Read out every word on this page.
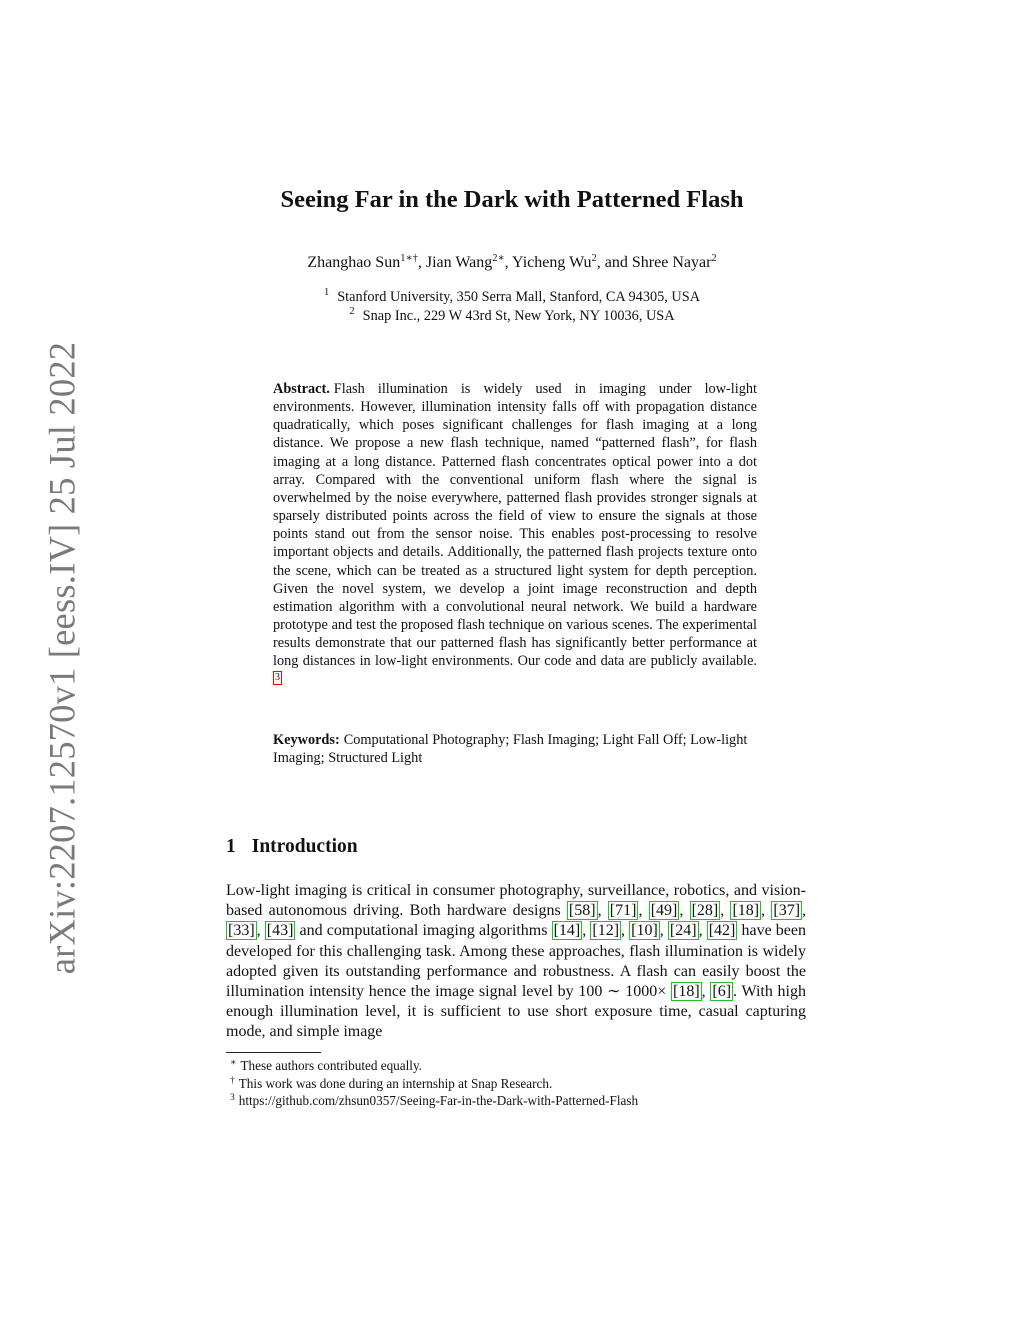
arXiv:2207.12570v1 [eess.IV] 25 Jul 2022
Seeing Far in the Dark with Patterned Flash
Zhanghao Sun$^{1∗\dagger}$, Jian Wang$^{2∗}$, Yicheng Wu$^2$, and Shree Nayar$^2$
$^1$ Stanford University, 350 Serra Mall, Stanford, CA 94305, USA
$^2$ Snap Inc., 229 W 43rd St, New York, NY 10036, USA
Abstract. Flash illumination is widely used in imaging under low-light environments. However, illumination intensity falls off with propagation distance quadratically, which poses significant challenges for flash imaging at a long distance. We propose a new flash technique, named “patterned flash”, for flash imaging at a long distance. Patterned flash concentrates optical power into a dot array. Compared with the conventional uniform flash where the signal is overwhelmed by the noise everywhere, patterned flash provides stronger signals at sparsely distributed points across the field of view to ensure the signals at those points stand out from the sensor noise. This enables post-processing to resolve important objects and details. Additionally, the patterned flash projects texture onto the scene, which can be treated as a structured light system for depth perception. Given the novel system, we develop a joint image reconstruction and depth estimation algorithm with a convolutional neural network. We build a hardware prototype and test the proposed flash technique on various scenes. The experimental results demonstrate that our patterned flash has significantly better performance at long distances in low-light environments. Our code and data are publicly available.3
Keywords: Computational Photography; Flash Imaging; Light Fall Off; Low-light Imaging; Structured Light
1 Introduction
Low-light imaging is critical in consumer photography, surveillance, robotics, and vision-based autonomous driving. Both hardware designs [58] , [71] , [49] , [28] , [18] , [37] , [33] , [43] and computational imaging algorithms [14] , [12] , [10] , [24] , [42] have been developed for this challenging task. Among these approaches, flash illumination is widely adopted given its outstanding performance and robustness. A flash can easily boost the illumination intensity hence the image signal level by 100 ∼ 1000× [18] , [6] . With high enough illumination level, it is sufficient to use short exposure time, casual capturing mode, and simple image
∗ These authors contributed equally.
† This work was done during an internship at Snap Research.
$^3$ https://github.com/zhsun0357/Seeing-Far-in-the-Dark-with-Patterned-Flash
